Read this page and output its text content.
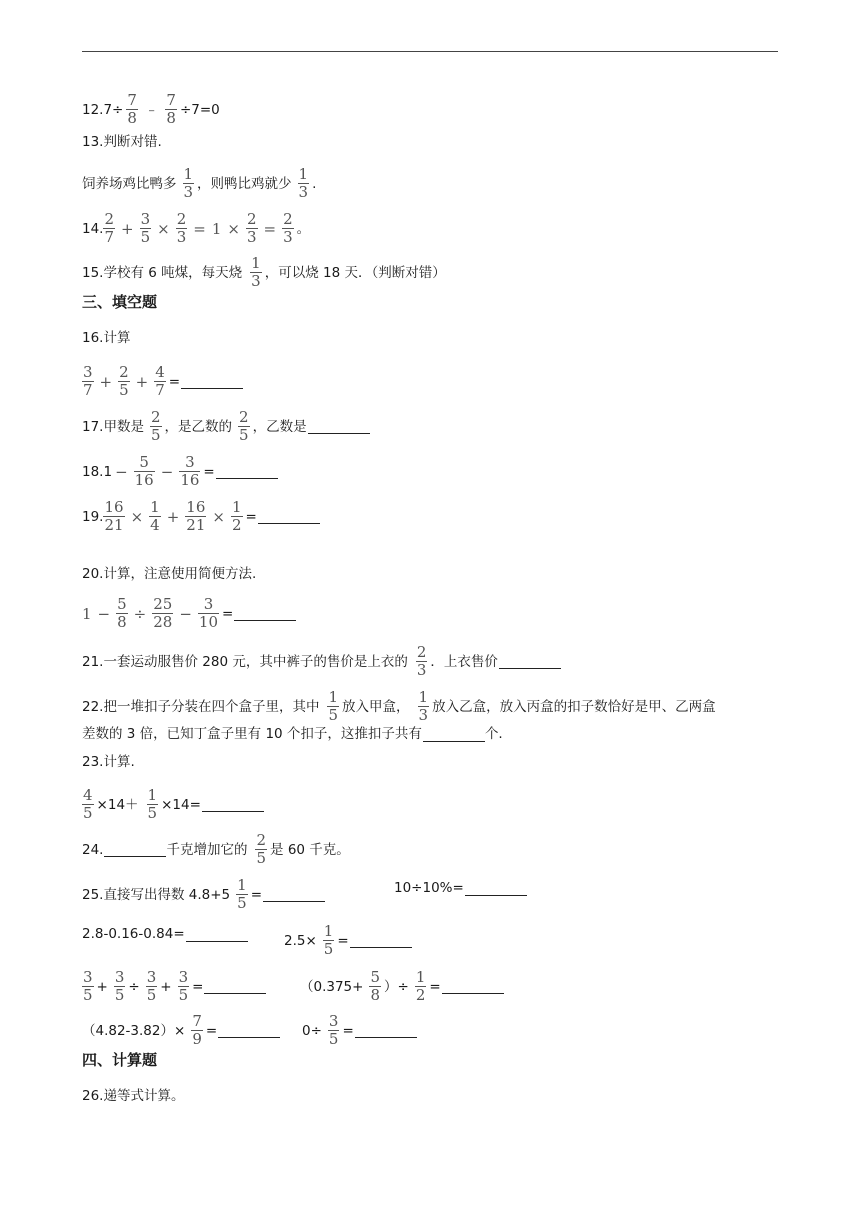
$12.7\div \frac{7}{8}$ ﹣ $\frac{7}{8} \div 7=0$
13.判断对错.
饲养场鸡比鸭多 $\frac{1}{3}$ ，则鸭比鸡就少 $\frac{1}{3}$ .
14. $\frac{2}{7} + \frac{3}{5} \times \frac{2}{3} = 1 \times \frac{2}{3} = \frac{2}{3}$ 。
15.学校有 6 吨煤，每天烧 $\frac{1}{3}$ ，可以烧 18 天．（判断对错）
三、填空题
16.计算
$\frac{3}{7} + \frac{2}{5} + \frac{4}{7}$ =
17.甲数是 $\frac{2}{5}$ ，是乙数的 $\frac{2}{5}$ ，乙数是
$18.1 - \frac{5}{16} - \frac{3}{16}$ =
19. $\frac{16}{21} \times \frac{1}{4} + \frac{16}{21} \times \frac{1}{2}$ =
20.计算，注意使用简便方法.
$1 - \frac{5}{8} \div \frac{25}{28} - \frac{3}{10}$ =
21.一套运动服售价 280 元，其中裤子的售价是上衣的 $\frac{2}{3}$ ．上衣售价
22.把一堆扣子分装在四个盒子里，其中 $\frac{1}{5}$ 放入甲盒， $\frac{1}{3}$ 放入乙盒，放入丙盒的扣子数恰好是甲、乙两盒
差数的 3 倍，已知丁盒子里有 10 个扣子，这推扣子共有	个.
23.计算.
$\frac{4}{5} \times 14+ \frac{1}{5} \times 14=$
24.	千克增加它的 $\frac{2}{5}$ 是 60 千克。
25.直接写出得数 $4.8+5 \frac{1}{5}$ =	10÷10%=
2.8-0.16-0.84=	$2.5\times \frac{1}{5}$ =
$\frac{3}{5} + \frac{3}{5} \div \frac{3}{5} + \frac{3}{5}$ =	（$0.375+ \frac{5}{8}$ ）÷ $\frac{1}{2}$ =
$(4.82-3.82)\times \frac{7}{9}$ =	$0\div \frac{3}{5}$ =
四、计算题
26.递等式计算。
